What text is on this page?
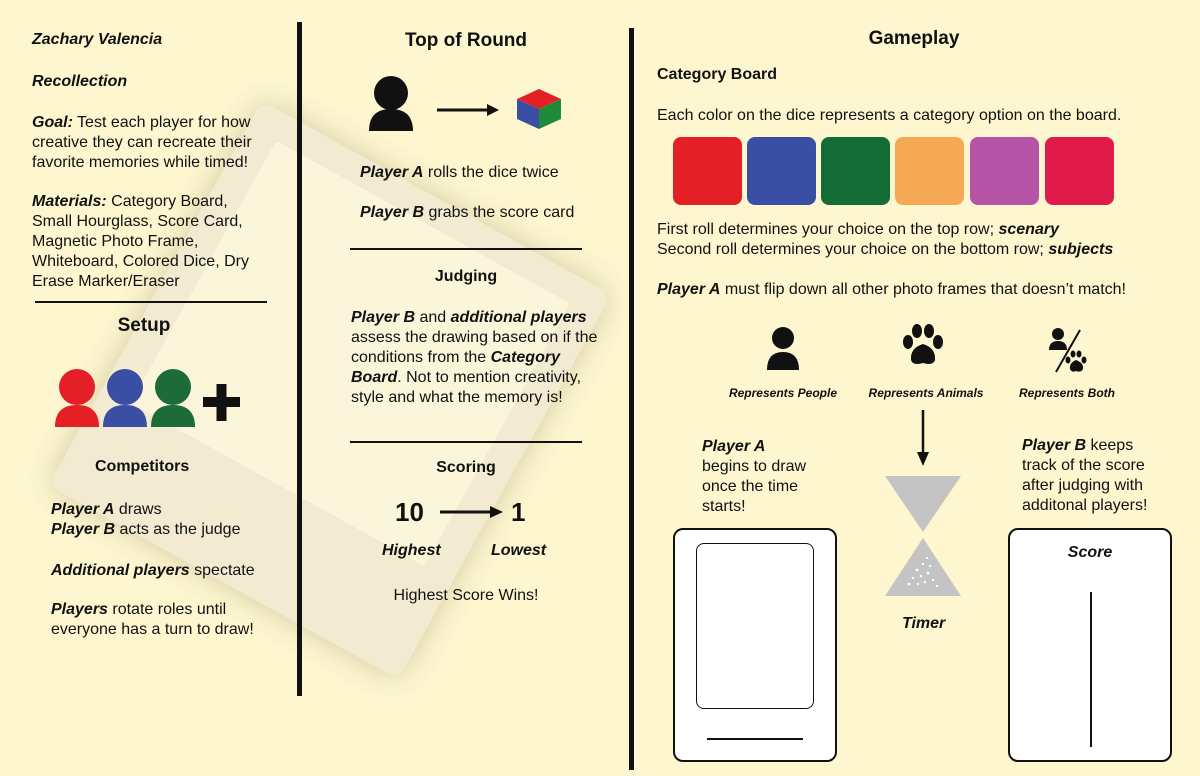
Zachary Valencia

Recollection

Goal: Test each player for how creative they can recreate their favorite memories while timed!

Materials: Category Board, Small Hourglass, Score Card, Magnetic Photo Frame, Whiteboard, Colored Dice, Dry Erase Marker/Eraser

Setup

Competitors

Player A draws

Player B acts as the judge

Additional players spectate

Players rotate roles until everyone has a turn to draw!

Top of Round

Player A rolls the dice twice

Player B grabs the score card

Judging

Player B and additional players assess the drawing based on if the conditions from the Category Board. Not to mention creativity, style and what the memory is!

Scoring

10	1

Highest	Lowest

Highest Score Wins!

Gameplay

Category Board

Each color on the dice represents a category option on the board.

First roll determines your choice on the top row; scenary

Second roll determines your choice on the bottom row; subjects

Player A must flip down all other photo frames that doesn’t match!

Represents People	Represents Animals	Represents Both

Player A
begins to draw once the time starts!

Timer

Player B keeps track of the score after judging with additonal players!

Score
